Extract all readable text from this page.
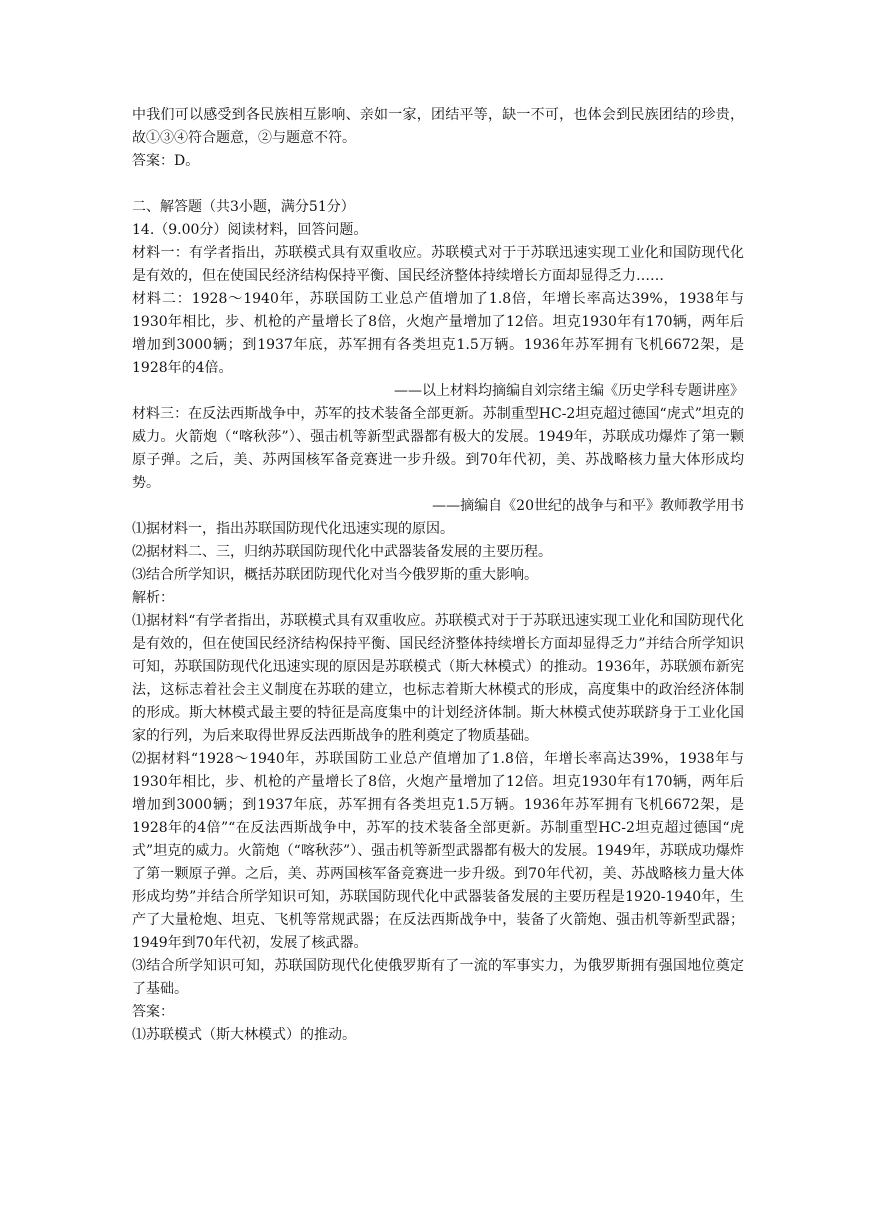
中我们可以感受到各民族相互影响、亲如一家，团结平等，缺一不可，也体会到民族团结的珍贵，故①③④符合题意，②与题意不符。

答案：D。

二、解答题（共3小题，满分51分）

14.（9.00分）阅读材料，回答问题。

材料一：有学者指出，苏联模式具有双重收应。苏联模式对于于苏联迅速实现工业化和国防现代化是有效的，但在使国民经济结构保持平衡、国民经济整体持续增长方面却显得乏力……

材料二：1928～1940年，苏联国防工业总产值增加了1.8倍，年增长率高达39%，1938年与1930年相比，步、机枪的产量增长了8倍，火炮产量增加了12倍。坦克1930年有170辆，两年后增加到3000辆；到1937年底，苏军拥有各类坦克1.5万辆。1936年苏军拥有飞机6672架，是1928年的4倍。

——以上材料均摘编自刘宗绪主编《历史学科专题讲座》

材料三：在反法西斯战争中，苏军的技术装备全部更新。苏制重型HC-2坦克超过德国“虎式”坦克的威力。火箭炮（“喀秋莎”）、强击机等新型武器都有极大的发展。1949年，苏联成功爆炸了第一颗原子弹。之后，美、苏两国核军备竞赛进一步升级。到70年代初，美、苏战略核力量大体形成均势。

——摘编自《20世纪的战争与和平》教师教学用书

⑴据材料一，指出苏联国防现代化迅速实现的原因。

⑵据材料二、三，归纳苏联国防现代化中武器装备发展的主要历程。

⑶结合所学知识，概括苏联团防现代化对当今俄罗斯的重大影响。

解析：

⑴据材料“有学者指出，苏联模式具有双重收应。苏联模式对于于苏联迅速实现工业化和国防现代化是有效的，但在使国民经济结构保持平衡、国民经济整体持续增长方面却显得乏力”并结合所学知识可知，苏联国防现代化迅速实现的原因是苏联模式（斯大林模式）的推动。1936年，苏联颁布新宪法，这标志着社会主义制度在苏联的建立，也标志着斯大林模式的形成，高度集中的政治经济体制的形成。斯大林模式最主要的特征是高度集中的计划经济体制。斯大林模式使苏联跻身于工业化国家的行列，为后来取得世界反法西斯战争的胜利奠定了物质基础。

⑵据材料“1928～1940年，苏联国防工业总产值增加了1.8倍，年增长率高达39%，1938年与1930年相比，步、机枪的产量增长了8倍，火炮产量增加了12倍。坦克1930年有170辆，两年后增加到3000辆；到1937年底，苏军拥有各类坦克1.5万辆。1936年苏军拥有飞机6672架，是1928年的4倍”“在反法西斯战争中，苏军的技术装备全部更新。苏制重型HC-2坦克超过德国“虎式”坦克的威力。火箭炮（“喀秋莎”）、强击机等新型武器都有极大的发展。1949年，苏联成功爆炸了第一颗原子弹。之后，美、苏两国核军备竞赛进一步升级。到70年代初，美、苏战略核力量大体形成均势”并结合所学知识可知，苏联国防现代化中武器装备发展的主要历程是1920-1940年，生产了大量枪炮、坦克、飞机等常规武器；在反法西斯战争中，装备了火箭炮、强击机等新型武器；1949年到70年代初，发展了核武器。

⑶结合所学知识可知，苏联国防现代化使俄罗斯有了一流的军事实力，为俄罗斯拥有强国地位奠定了基础。

答案：

⑴苏联模式（斯大林模式）的推动。
